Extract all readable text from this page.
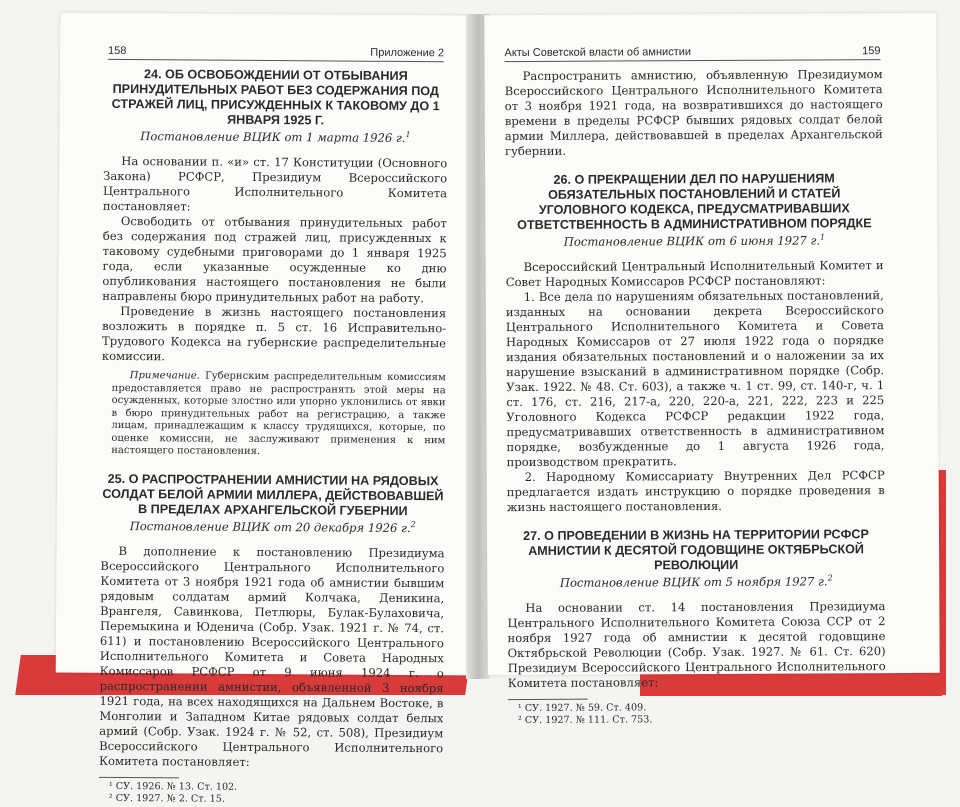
158	Приложение 2
24. ОБ ОСВОБОЖДЕНИИ ОТ ОТБЫВАНИЯ ПРИНУДИТЕЛЬНЫХ РАБОТ БЕЗ СОДЕРЖАНИЯ ПОД СТРАЖЕЙ ЛИЦ, ПРИСУЖДЕННЫХ К ТАКОВОМУ ДО 1 ЯНВАРЯ 1925 Г.
Постановление ВЦИК от 1 марта 1926 г.$^1$

На основании п. «и» ст. 17 Конституции (Основного Закона) РСФСР, Президиум Всероссийского Центрального Исполнительного Комитета постановляет:

Освободить от отбывания принудительных работ без содержания под стражей лиц, присужденных к таковому судебными приговорами до 1 января 1925 года, если указанные осужденные ко дню опубликования настоящего постановления не были направлены бюро принудительных работ на работу.

Проведение в жизнь настоящего постановления возложить в порядке п. 5 ст. 16 Исправительно-Трудового Кодекса на губернские распределительные комиссии.

Примечание. Губернским распределительным комиссиям предоставляется право не распространять этой меры на осужденных, которые злостно или упорно уклонились от явки в бюро принудительных работ на регистрацию, а также лицам, принадлежащим к классу трудящихся, которые, по оценке комиссии, не заслуживают применения к ним настоящего постановления.
25. О РАСПРОСТРАНЕНИИ АМНИСТИИ НА РЯДОВЫХ СОЛДАТ БЕЛОЙ АРМИИ МИЛЛЕРА, ДЕЙСТВОВАВШЕЙ В ПРЕДЕЛАХ АРХАНГЕЛЬСКОЙ ГУБЕРНИИ
Постановление ВЦИК от 20 декабря 1926 г.$^2$

В дополнение к постановлению Президиума Всероссийского Центрального Исполнительного Комитета от 3 ноября 1921 года об амнистии бывшим рядовым солдатам армий Колчака, Деникина, Врангеля, Савинкова, Петлюры, Булак-Булаховича, Перемыкина и Юденича (Собр. Узак. 1921 г. № 74, ст. 611) и постановлению Всероссийского Центрального Исполнительного Комитета и Совета Народных Комиссаров РСФСР от 9 июня 1924 г. о распространении амнистии, объявленной 3 ноября 1921 года, на всех находящихся на Дальнем Востоке, в Монголии и Западном Китае рядовых солдат белых армий (Собр. Узак. 1924 г. № 52, ст. 508), Президиум Всероссийского Центрального Исполнительного Комитета постановляет:

¹ СУ. 1926. № 13. Ст. 102.
² СУ. 1927. № 2. Ст. 15.
Акты Советской власти об амнистии	159

Распространить амнистию, объявленную Президиумом Всероссийского Центрального Исполнительного Комитета от 3 ноября 1921 года, на возвратившихся до настоящего времени в пределы РСФСР бывших рядовых солдат белой армии Миллера, действовавшей в пределах Архангельской губернии.

26. О ПРЕКРАЩЕНИИ ДЕЛ ПО НАРУШЕНИЯМ ОБЯЗАТЕЛЬНЫХ ПОСТАНОВЛЕНИЙ И СТАТЕЙ УГОЛОВНОГО КОДЕКСА, ПРЕДУСМАТРИВАВШИХ ОТВЕТСТВЕННОСТЬ В АДМИНИСТРАТИВНОМ ПОРЯДКЕ
Постановление ВЦИК от 6 июня 1927 г.$^1$

Всероссийский Центральный Исполнительный Комитет и Совет Народных Комиссаров РСФСР постановляют:

1. Все дела по нарушениям обязательных постановлений, изданных на основании декрета Всероссийского Центрального Исполнительного Комитета и Совета Народных Комиссаров от 27 июля 1922 года о порядке издания обязательных постановлений и о наложении за их нарушение взысканий в административном порядке (Собр. Узак. 1922. № 48. Ст. 603), а также ч. 1 ст. 99, ст. 140-г, ч. 1 ст. 176, ст. 216, 217-а, 220, 220-а, 221, 222, 223 и 225 Уголовного Кодекса РСФСР редакции 1922 года, предусматривавших ответственность в административном порядке, возбужденные до 1 августа 1926 года, производством прекратить.

2. Народному Комиссариату Внутренних Дел РСФСР предлагается издать инструкцию о порядке проведения в жизнь настоящего постановления.

27. О ПРОВЕДЕНИИ В ЖИЗНЬ НА ТЕРРИТОРИИ РСФСР АМНИСТИИ К ДЕСЯТОЙ ГОДОВЩИНЕ ОКТЯБРЬСКОЙ РЕВОЛЮЦИИ
Постановление ВЦИК от 5 ноября 1927 г.$^2$

На основании ст. 14 постановления Президиума Центрального Исполнительного Комитета Союза ССР от 2 ноября 1927 года об амнистии к десятой годовщине Октябрьской Революции (Собр. Узак. 1927. № 61. Ст. 620) Президиум Всероссийского Центрального Исполнительного Комитета постановляет:

¹ СУ. 1927. № 59. Ст. 409.
² СУ. 1927. № 111. Ст. 753.
